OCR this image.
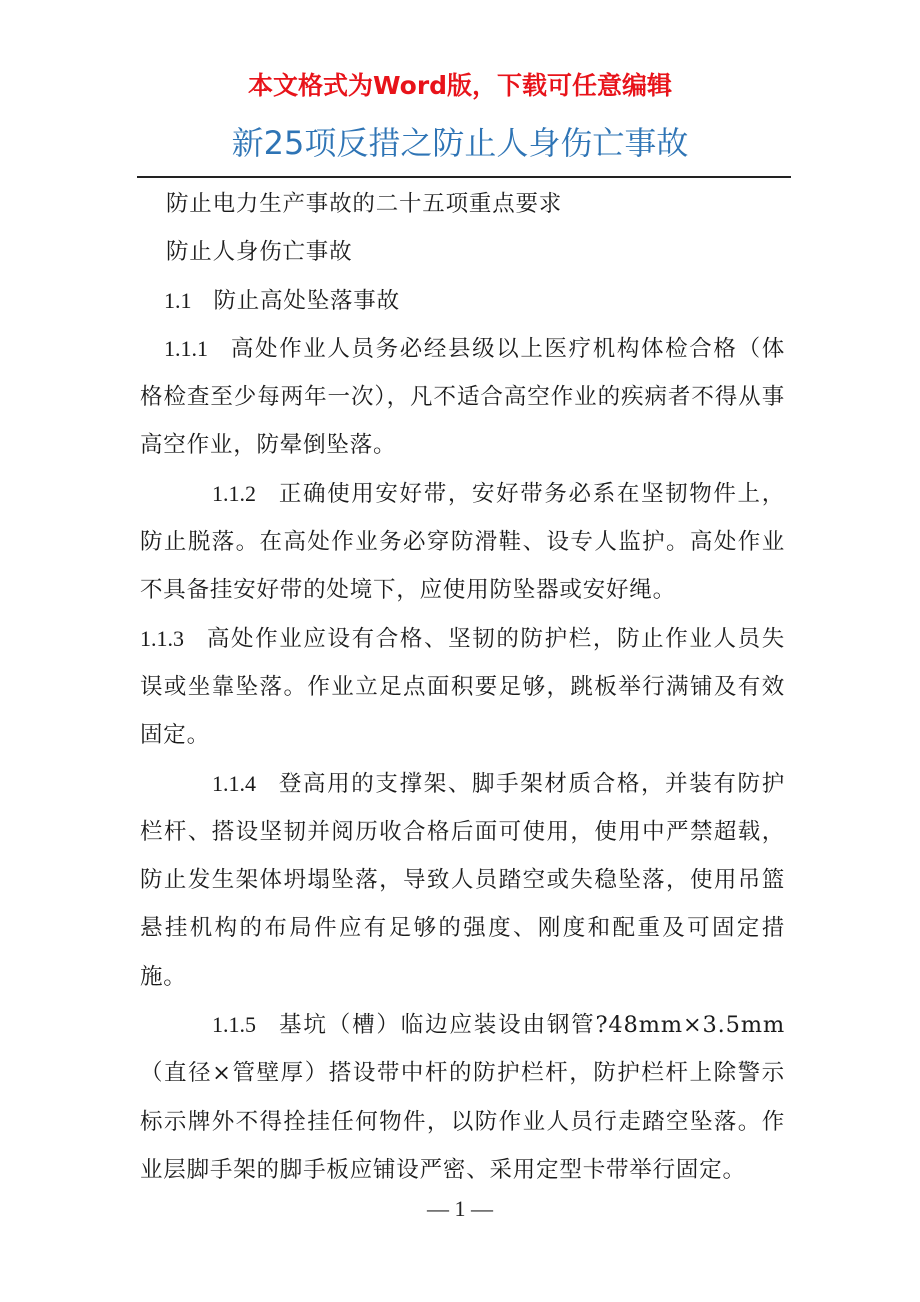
本文格式为Word版，下载可任意编辑
新25项反措之防止人身伤亡事故

防止电力生产事故的二十五项重点要求

防止人身伤亡事故

1.1 防止高处坠落事故

1.1.1 高处作业人员务必经县级以上医疗机构体检合格（体格检查至少每两年一次），凡不适合高空作业的疾病者不得从事高空作业，防晕倒坠落。

1.1.2 正确使用安好带，安好带务必系在坚韧物件上，防止脱落。在高处作业务必穿防滑鞋、设专人监护。高处作业不具备挂安好带的处境下，应使用防坠器或安好绳。

1.1.3 高处作业应设有合格、坚韧的防护栏，防止作业人员失误或坐靠坠落。作业立足点面积要足够，跳板举行满铺及有效固定。

1.1.4 登高用的支撑架、脚手架材质合格，并装有防护栏杆、搭设坚韧并阅历收合格后面可使用，使用中严禁超载，防止发生架体坍塌坠落，导致人员踏空或失稳坠落，使用吊篮悬挂机构的布局件应有足够的强度、刚度和配重及可固定措施。

1.1.5 基坑（槽）临边应装设由钢管?48mm×3.5mm（直径×管壁厚）搭设带中杆的防护栏杆，防护栏杆上除警示标示牌外不得拴挂任何物件，以防作业人员行走踏空坠落。作业层脚手架的脚手板应铺设严密、采用定型卡带举行固定。

— 1 —
